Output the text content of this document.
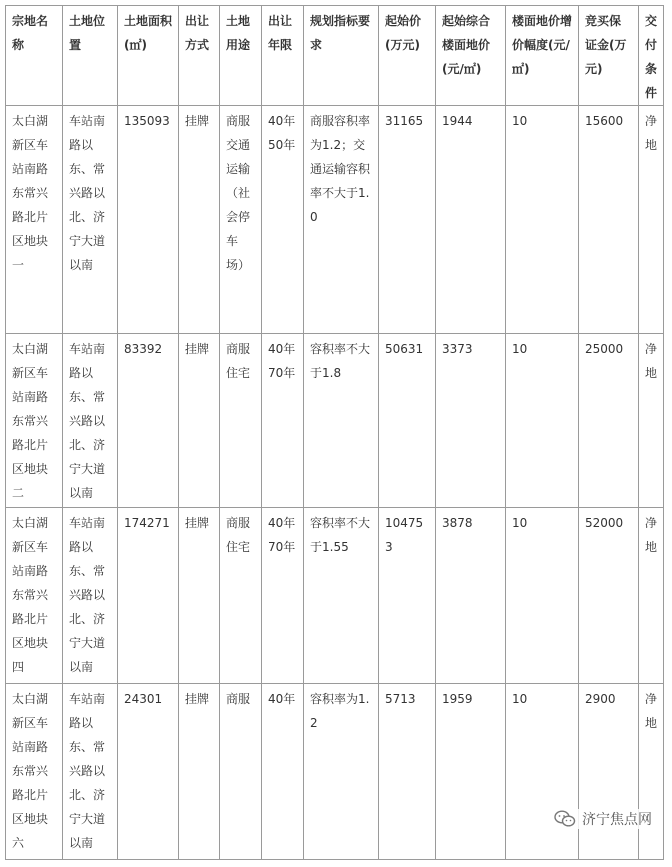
宗地名称	土地位置	土地面积(㎡)	出让方式	土地用途	出让年限	规划指标要求	起始价(万元)	起始综合楼面地价(元/㎡)	楼面地价增价幅度(元/㎡)	竞买保证金(万元)	交付条件
太白湖新区车站南路东常兴路北片区地块一	车站南路以东、常兴路以北、济宁大道以南	135093	挂牌	商服交通运输（社会停车场）	40年50年	商服容积率为1.2；交通运输容积率不大于1.0	31165	1944	10	15600	净地
太白湖新区车站南路东常兴路北片区地块二	车站南路以东、常兴路以北、济宁大道以南	83392	挂牌	商服住宅	40年70年	容积率不大于1.8	50631	3373	10	25000	净地
太白湖新区车站南路东常兴路北片区地块四	车站南路以东、常兴路以北、济宁大道以南	174271	挂牌	商服住宅	40年70年	容积率不大于1.55	104753	3878	10	52000	净地
太白湖新区车站南路东常兴路北片区地块六	车站南路以东、常兴路以北、济宁大道以南	24301	挂牌	商服	40年	容积率为1.2	5713	1959	10	2900	净地
济宁焦点网
